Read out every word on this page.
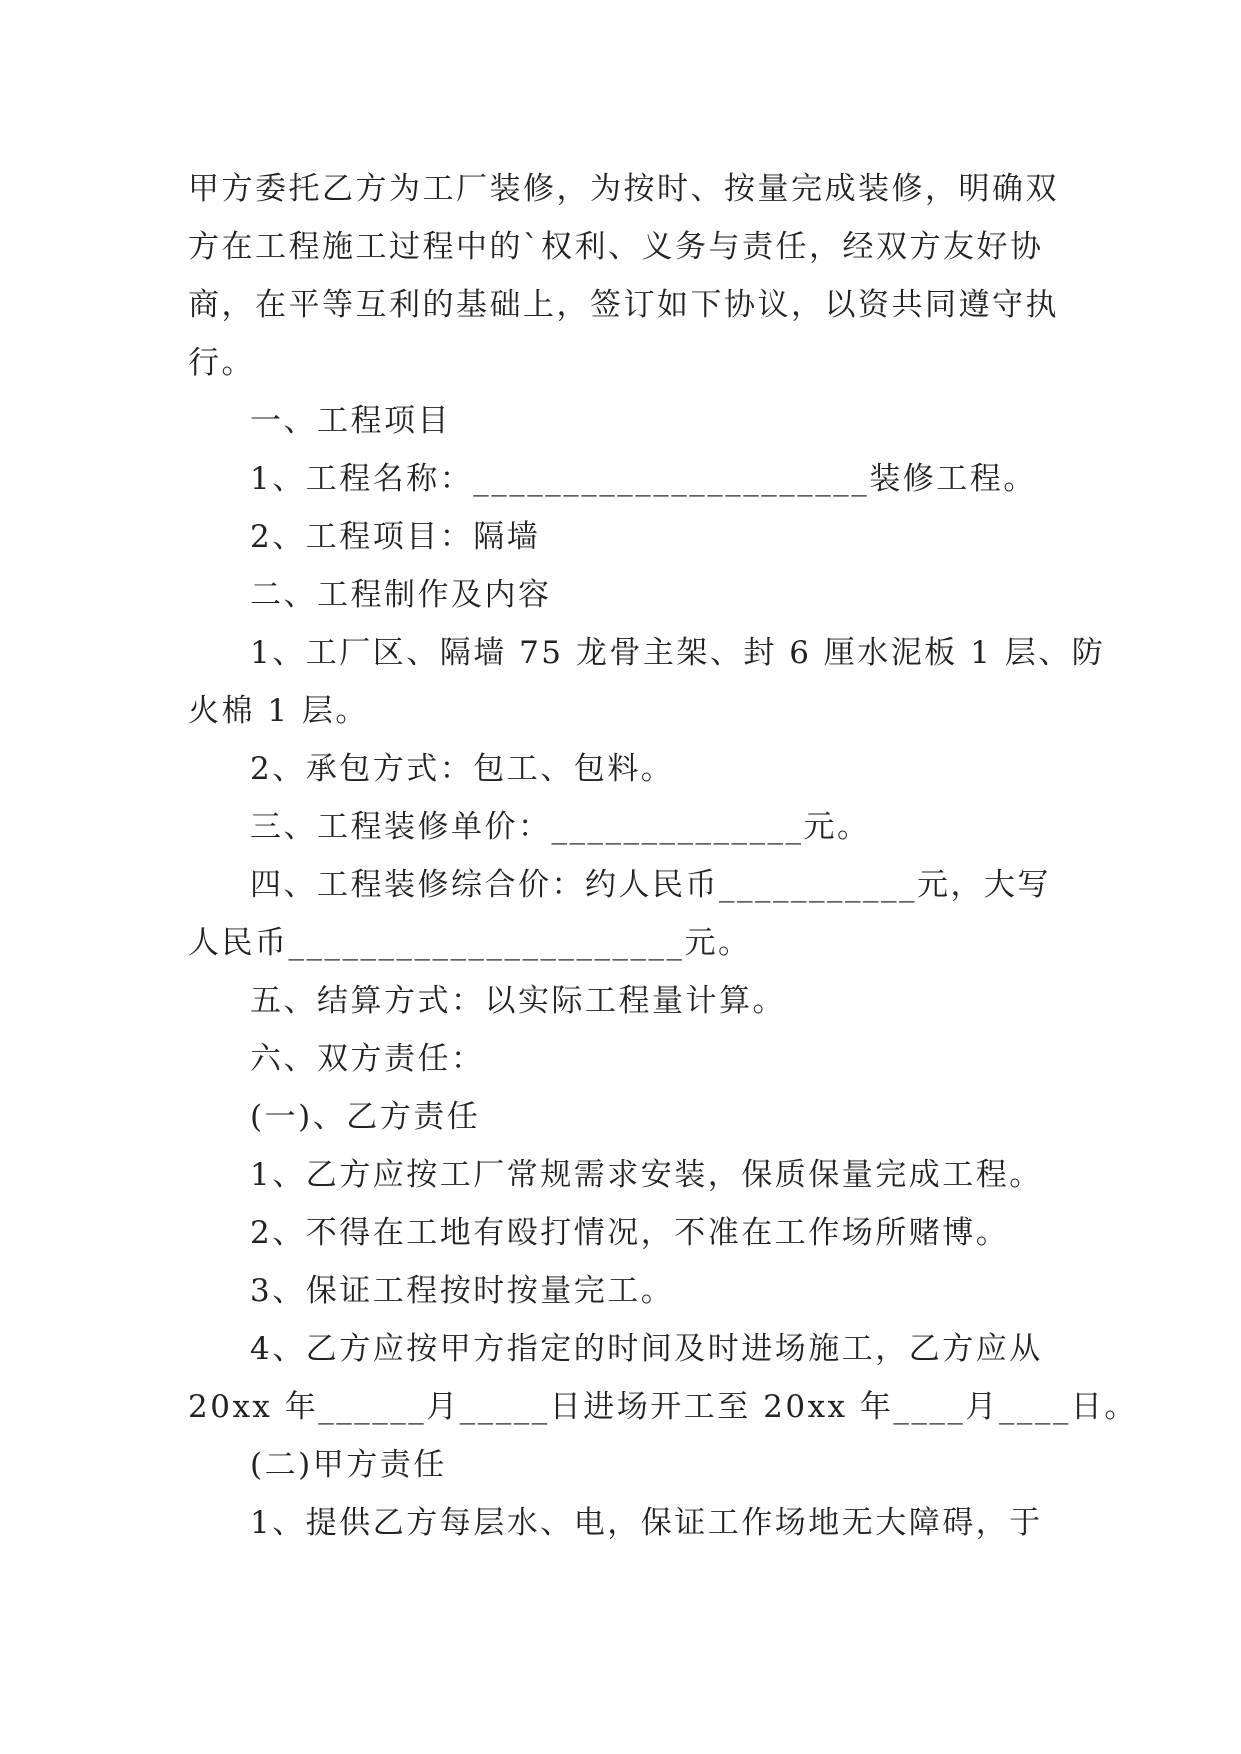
甲方委托乙方为工厂装修，为按时、按量完成装修，明确双
方在工程施工过程中的`权利、义务与责任，经双方友好协
商，在平等互利的基础上，签订如下协议，以资共同遵守执
行。
一、工程项目
1、工程名称：______________________装修工程。
2、工程项目：隔墙
二、工程制作及内容
1、工厂区、隔墙 75 龙骨主架、封 6 厘水泥板 1 层、防
火棉 1 层。
2、承包方式：包工、包料。
三、工程装修单价：______________元。
四、工程装修综合价：约人民币___________元，大写
人民币______________________元。
五、结算方式：以实际工程量计算。
六、双方责任：
(一)、乙方责任
1、乙方应按工厂常规需求安装，保质保量完成工程。
2、不得在工地有殴打情况，不准在工作场所赌博。
3、保证工程按时按量完工。
4、乙方应按甲方指定的时间及时进场施工，乙方应从
20xx 年______月_____日进场开工至 20xx 年____月____日。
(二)甲方责任
1、提供乙方每层水、电，保证工作场地无大障碍，于
